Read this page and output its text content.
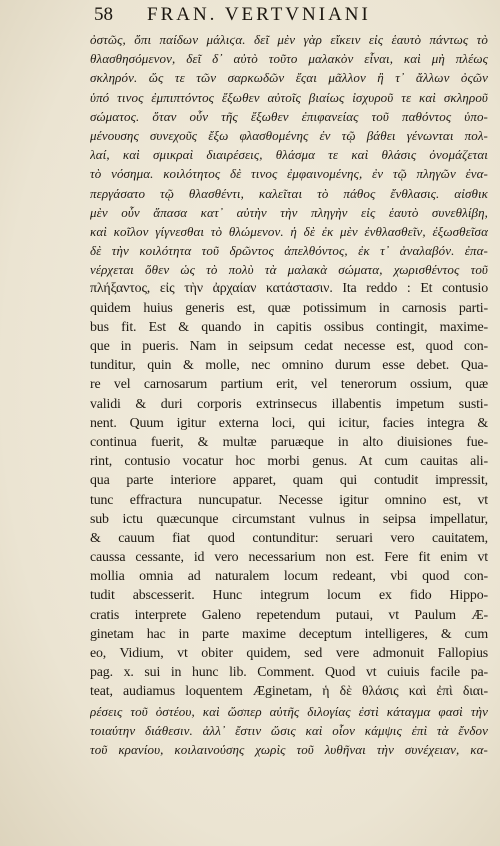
58 FRAN. VERTVNIANI
ὀστῶς, ὅπι παίδων μάλιϛα. δεῖ μὲν γὰρ εἴκειν εἰς ἑαυτὸ πάντως τὸ
θλασθησόμενον, δεῖ δ᾽ αὐτὸ τοῦτο μαλακὸν εἶναι, καὶ μὴ πλέως
σκληρόν. ὥς τε τῶν σαρκωδῶν ἔςαι μᾶλλον ἢ τ᾽ ἄλλων ὀςῶν
ὑπό τινος ἐμπιπτόντος ἔξωθεν αὐτοῖς βιαίως ἰσχυροῦ τε καὶ σκληροῦ
σώματος. ὅταν οὖν τῆς ἔξωθεν ἐπιφανείας τοῦ παθόντος ὑπο-
μένουσης συνεχοῦς ἔξω φλασθομένης ἐν τῷ βάθει γένωνται πολ-
λαί, καὶ σμικραὶ διαιρέσεις, θλάσμα τε καὶ θλάσις ὀνομάζεται
τὸ νόσημα. κοιλότητος δὲ τινος ἐμφαινομένης, ἐν τῷ πληγῶν ἐνα-
περγάσατο τῷ θλασθέντι, καλεῖται τὸ πάθος ἔνθλασις. αἰσθικ
μὲν οὖν ἅπασα κατ᾽ αὐτὴν τὴν πληγὴν εἰς ἑαυτὸ συνεθλίβη,
καὶ κοῖλον γίγνεσθαι τὸ θλώμενον. ἡ δὲ ἐκ μὲν ἐνθλασθεῖν, ἐξωσθεῖσα
δὲ τὴν κοιλότητα τοῦ δρῶντος ἀπελθόντος, ἐκ τ᾽ ἀναλαβόν. ἐπα-
νέρχεται ὅθεν ὡς τὸ πολὺ τὰ μαλακὰ σώματα, χωρισθέντος τοῦ
πλήξαντος, εἰς τὴν ἀρχαίαν κατάστασιν. Ita reddo : Et contusio
quidem huius generis est, quæ potissimum in carnosis parti-
bus fit. Est & quando in capitis ossibus contingit, maxime-
que in pueris. Nam in seipsum cedat necesse est, quod con-
tunditur, quin & molle, nec omnino durum esse debet. Qua-
re vel carnosarum partium erit, vel tenerorum ossium, quæ
validi & duri corporis extrinsecus illabentis impetum susti-
nent. Quum igitur externa loci, qui icitur, facies integra &
continua fuerit, & multæ paruæque in alto diuisiones fue-
rint, contusio vocatur hoc morbi genus. At cum cauitas ali-
qua parte interiore apparet, quam qui contudit impressit,
tunc effractura nuncupatur. Necesse igitur omnino est, vt
sub ictu quæcunque circumstant vulnus in seipsa impellatur,
& cauum fiat quod contunditur: seruari vero cauitatem,
caussa cessante, id vero necessarium non est. Fere fit enim vt
mollia omnia ad naturalem locum redeant, vbi quod con-
tudit abscesserit. Hunc integrum locum ex fido Hippo-
cratis interprete Galeno repetendum putaui, vt Paulum Æ-
ginetam hac in parte maxime deceptum intelligeres, & cum
eo, Vidium, vt obiter quidem, sed vere admonuit Fallopius
pag. x. sui in hunc lib. Comment. Quod vt cuiuis facile pa-
teat, audiamus loquentem Æginetam, ἡ δὲ θλάσις καὶ ἐπὶ διαι-
ρέσεις τοῦ ὀστέου, καὶ ὥσπερ αὐτῆς διλογίας ἐστὶ κάταγμα φασὶ τὴν
τοιαύτην διάθεσιν. ἀλλ᾽ ἔστιν ὥσις καὶ οἷον κάμψις ἐπὶ τὰ ἔνδον
τοῦ κρανίου, κοιλαινούσης χωρὶς τοῦ λυθῆναι τὴν συνέχειαν, κα-
